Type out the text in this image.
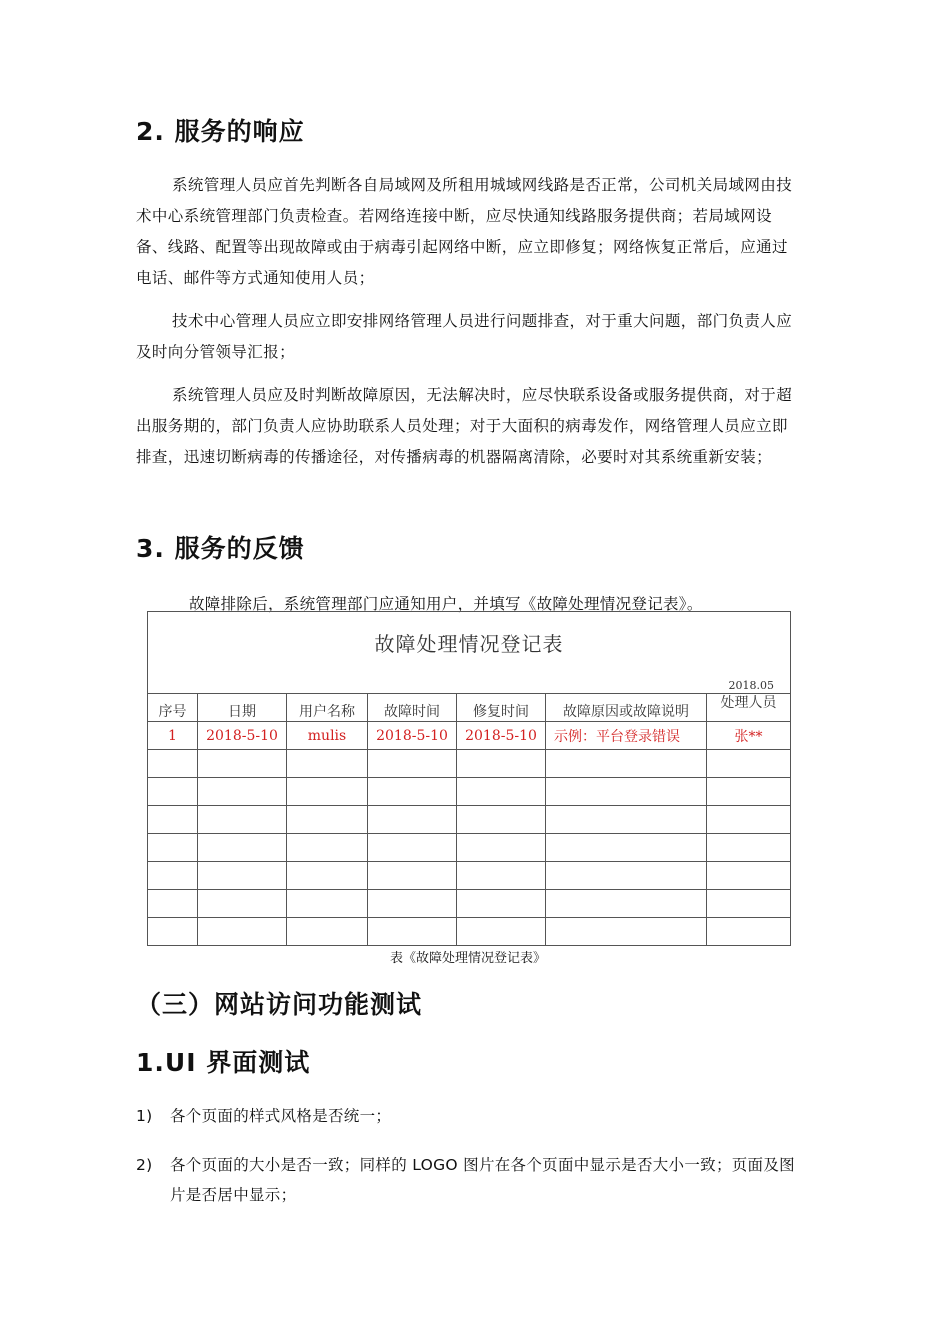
2. 服务的响应

系统管理人员应首先判断各自局域网及所租用城域网线路是否正常，公司机关局域网由技术中心系统管理部门负责检查。若网络连接中断，应尽快通知线路服务提供商；若局域网设备、线路、配置等出现故障或由于病毒引起网络中断，应立即修复；网络恢复正常后，应通过电话、邮件等方式通知使用人员；

技术中心管理人员应立即安排网络管理人员进行问题排查，对于重大问题，部门负责人应及时向分管领导汇报；

系统管理人员应及时判断故障原因，无法解决时，应尽快联系设备或服务提供商，对于超出服务期的，部门负责人应协助联系人员处理；对于大面积的病毒发作，网络管理人员应立即排查，迅速切断病毒的传播途径，对传播病毒的机器隔离清除，必要时对其系统重新安装；

3. 服务的反馈
故障排除后，系统管理部门应通知用户，并填写《故障处理情况登记表》。
故障处理情况登记表
2018.05						

序号	日期	用户名称	故障时间	修复时间	故障原因或故障说明	处理人员
1	2018-5-10	mulis	2018-5-10	2018-5-10	示例：平台登录错误	张**

表《故障处理情况登记表》
（三）网站访问功能测试
1.UI 界面测试
1) 各个页面的样式风格是否统一；
2) 各个页面的大小是否一致；同样的 LOGO 图片在各个页面中显示是否大小一致；页面及图片是否居中显示；
